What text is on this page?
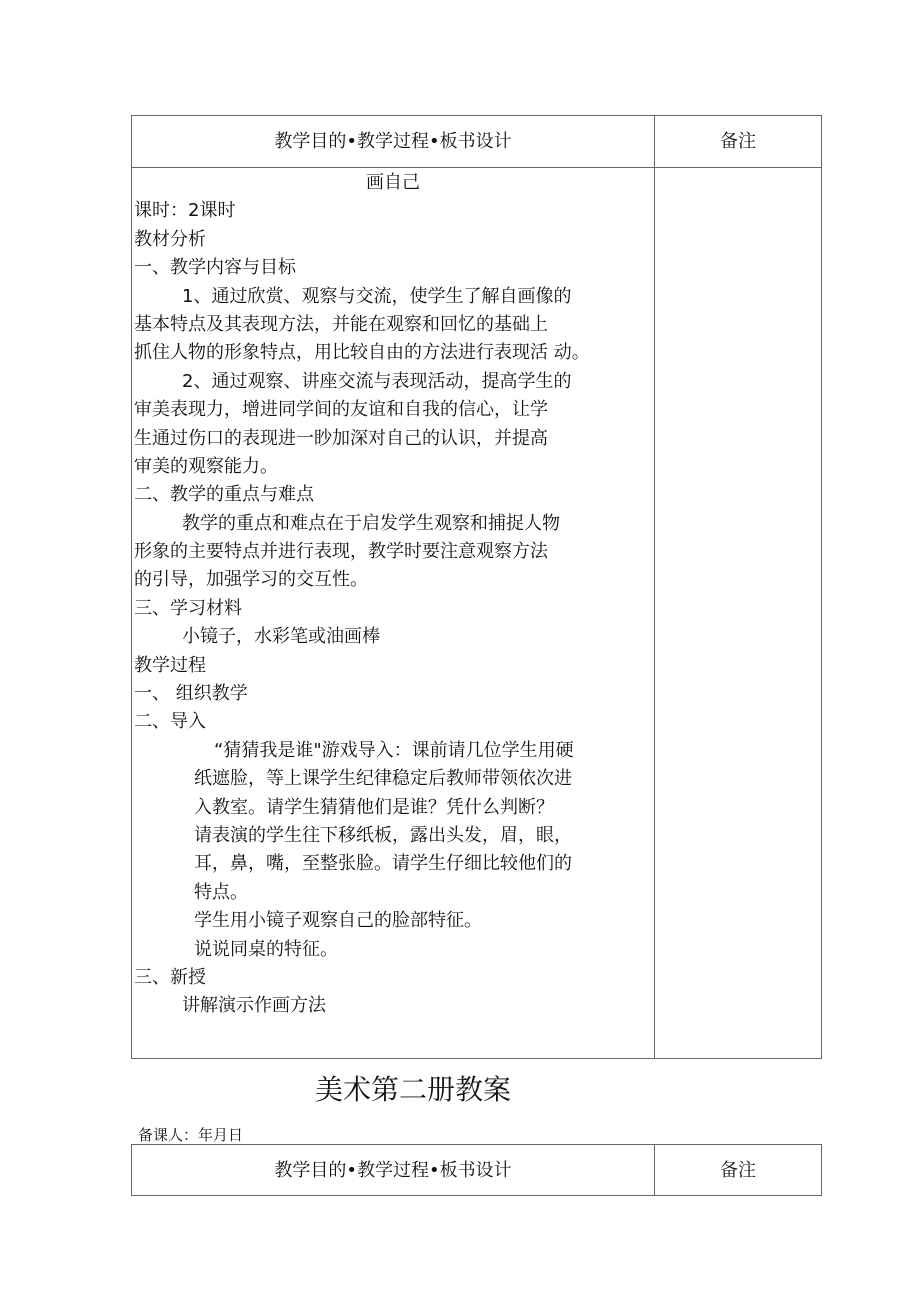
教学目的•教学过程•板书设计	备注
画自己
课时：2课时
教材分析
一、教学内容与目标
1、通过欣赏、观察与交流，使学生了解自画像的
基本特点及其表现方法，并能在观察和回忆的基础上
抓住人物的形象特点，用比较自由的方法进行表现活 动。
2、通过观察、讲座交流与表现活动，提高学生的
审美表现力，增进同学间的友谊和自我的信心，让学
生通过伤口的表现进一眇加深对自己的认识，并提高
审美的观察能力。
二、教学的重点与难点
教学的重点和难点在于启发学生观察和捕捉人物
形象的主要特点并进行表现，教学时要注意观察方法
的引导，加强学习的交互性。
三、学习材料
小镜子，水彩笔或油画棒
教学过程
一、 组织教学
二、导入
“猜猜我是谁"游戏导入：课前请几位学生用硬
纸遮脸，等上课学生纪律稳定后教师带领依次进
入教室。请学生猜猜他们是谁？凭什么判断？
请表演的学生往下移纸板，露出头发，眉，眼，
耳，鼻，嘴，至整张脸。请学生仔细比较他们的
特点。
学生用小镜子观察自己的脸部特征。
说说同桌的特征。
三、新授
讲解演示作画方法
美术第二册教案
备课人：年月日
教学目的•教学过程•板书设计	备注
